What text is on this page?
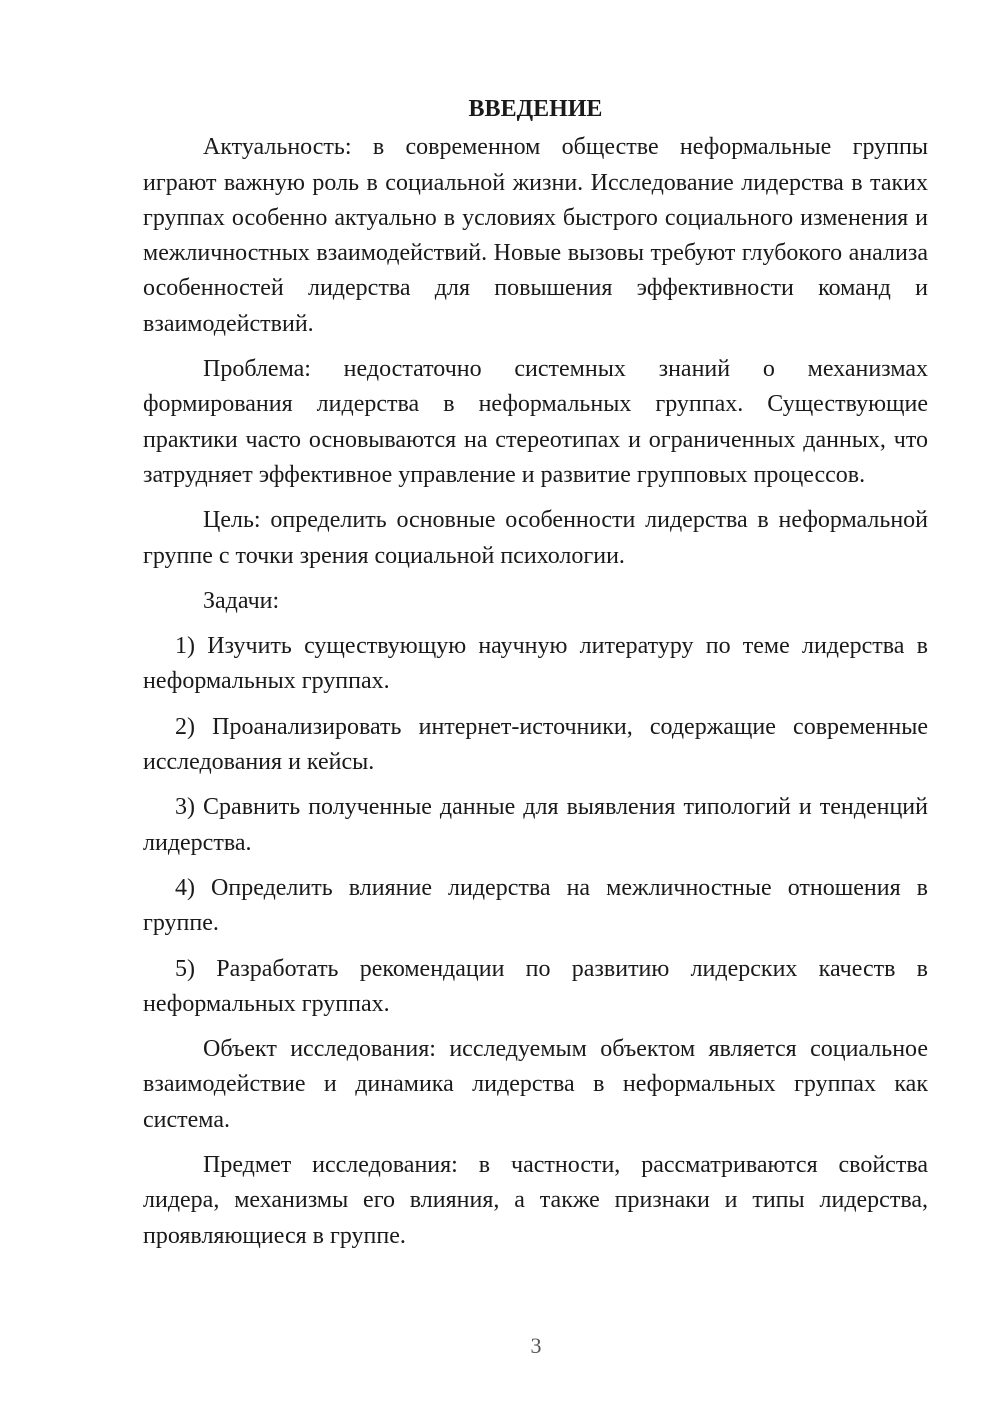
ВВЕДЕНИЕ

Актуальность: в современном обществе неформальные группы играют важную роль в социальной жизни. Исследование лидерства в таких группах особенно актуально в условиях быстрого социального изменения и межличностных взаимодействий. Новые вызовы требуют глубокого анализа особенностей лидерства для повышения эффективности команд и взаимодействий.

Проблема: недостаточно системных знаний о механизмах формирования лидерства в неформальных группах. Существующие практики часто основываются на стереотипах и ограниченных данных, что затрудняет эффективное управление и развитие групповых процессов.

Цель: определить основные особенности лидерства в неформальной группе с точки зрения социальной психологии.

Задачи:

1) Изучить существующую научную литературу по теме лидерства в неформальных группах.

2) Проанализировать интернет-источники, содержащие современные исследования и кейсы.

3) Сравнить полученные данные для выявления типологий и тенденций лидерства.

4) Определить влияние лидерства на межличностные отношения в группе.

5) Разработать рекомендации по развитию лидерских качеств в неформальных группах.

Объект исследования: исследуемым объектом является социальное взаимодействие и динамика лидерства в неформальных группах как система.

Предмет исследования: в частности, рассматриваются свойства лидера, механизмы его влияния, а также признаки и типы лидерства, проявляющиеся в группе.

3
